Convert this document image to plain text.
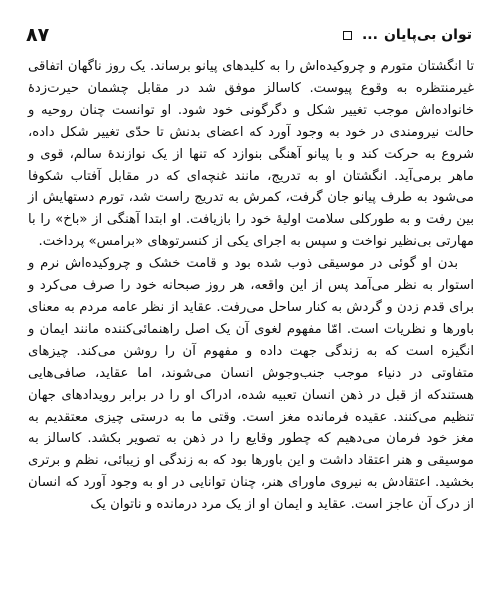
۸۷	... توان بی‌پایان

تا انگشتان متورم و چروکیده‌اش را به کلیدهای پیانو برساند. یک روز ناگهان اتفاقی غیرمنتظره به وقوع پیوست. کاسالز موفق شد در مقابل چشمان حیرت‌زدهٔ خانواده‌اش موجب تغییر شکل و دگرگونی خود شود. او توانست چنان روحیه و حالت نیرومندی در خود به وجود آورد که اعضای بدنش تا حدّی تغییر شکل داده، شروع به حرکت کند و با پیانو آهنگی بنوازد که تنها از یک نوازندهٔ سالم، قوی و ماهر برمی‌آید. انگشتان او به تدریج، مانند غنچه‌ای که در مقابل آفتاب شکوفا می‌شود به طرف پیانو جان گرفت، کمرش به تدریج راست شد، تورم دستهایش از بین رفت و به طورکلی سلامت اولیهٔ خود را بازیافت. او ابتدا آهنگی از «باخ» را با مهارتی بی‌نظیر نواخت و سپس به اجرای یکی از کنسرتوهای «برامس» پرداخت.

بدن او گوئی در موسیقی ذوب شده بود و قامت خشک و چروکیده‌اش نرم و استوار به نظر می‌آمد پس از این واقعه، هر روز صبحانه خود را صرف می‌کرد و برای قدم زدن و گردش به کنار ساحل می‌رفت. عقاید از نظر عامه مردم به معنای باورها و نظریات است. امّا مفهوم لغوی آن یک اصل راهنمائی‌کننده مانند ایمان و انگیزه است که به زندگی جهت داده و مفهوم آن را روشن می‌کند. چیزهای متفاوتی در دنیاء موجب جنب‌وجوش انسان می‌شوند، اما عقاید، صافی‌هایی هستندکه از قبل در ذهن انسان تعبیه شده، ادراک او را در برابر رویدادهای جهان تنظیم می‌کنند. عقیده فرمانده مغز است. وقتی ما به درستی چیزی معتقدیم به مغز خود فرمان می‌دهیم که چطور وقایع را در ذهن به تصویر بکشد. کاسالز به موسیقی و هنر اعتقاد داشت و این باورها بود که به زندگی او زیبائی، نظم و برتری بخشید. اعتقادش به نیروی ماورای هنر، چنان توانایی در او به وجود آورد که انسان از درک آن عاجز است. عقاید و ایمان او از یک مرد درمانده و ناتوان یک
